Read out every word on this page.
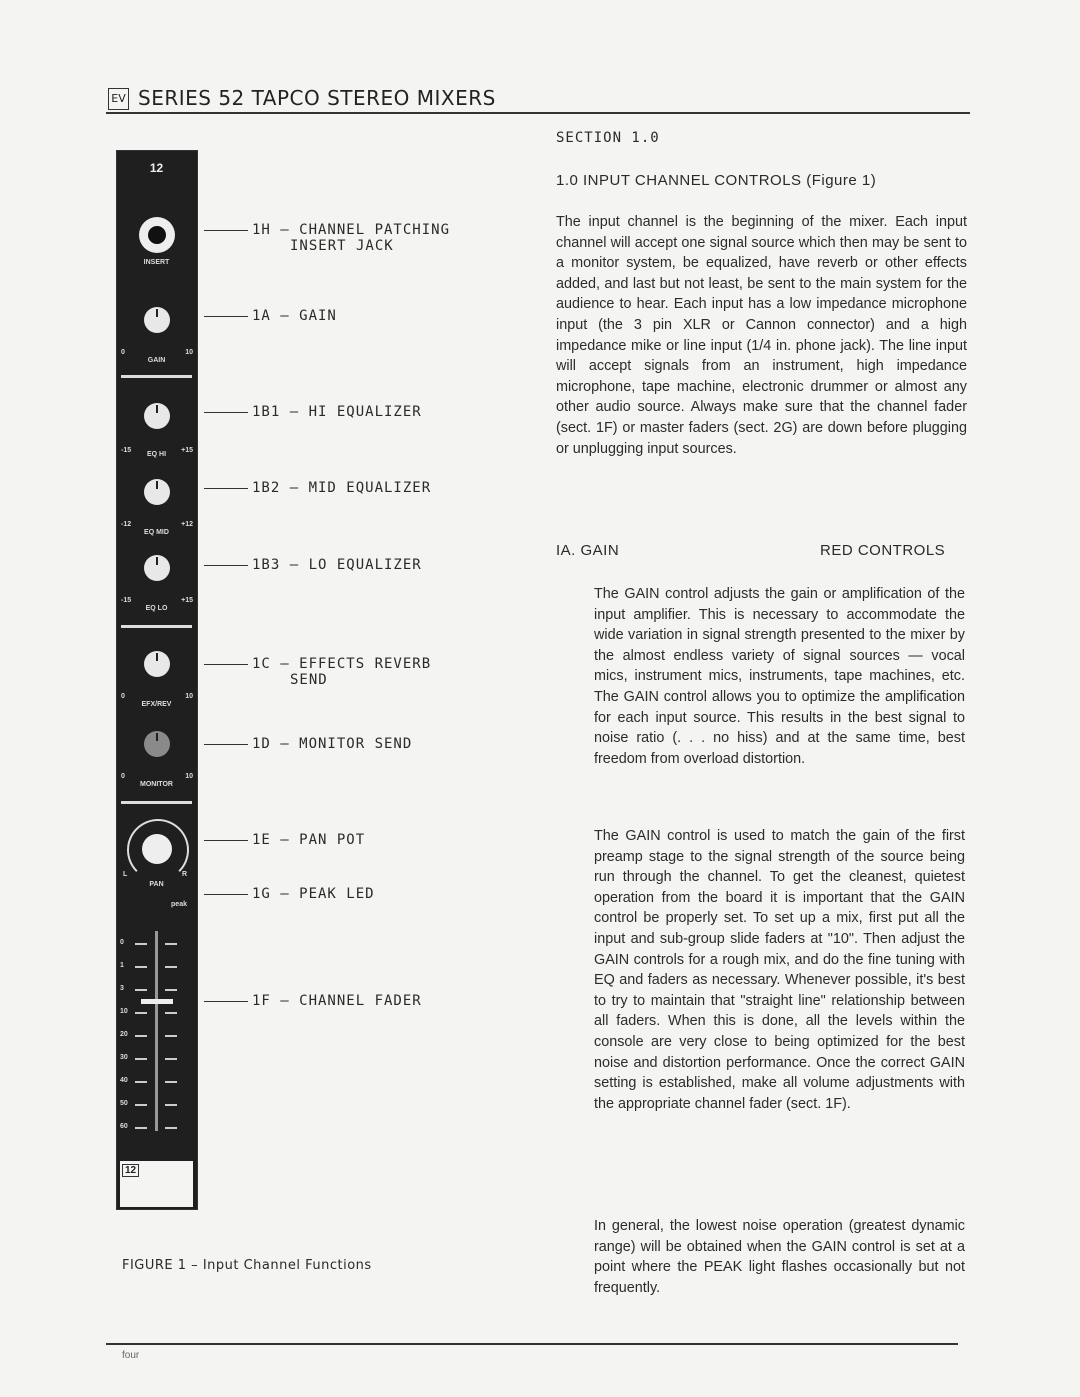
EV SERIES 52 TAPCO STEREO MIXERS
12
INSERT
0	10
GAIN
-15	+15
EQ HI
-12	+12
EQ MID
-15	+15
EQ LO
0	10
EFX/REV
0	10
MONITOR
L	R
PAN
peak
0
1
3
10
20
30
40
50
60
12
1H – CHANNEL PATCHING
INSERT JACK
1A – GAIN
1B1 – HI EQUALIZER
1B2 – MID EQUALIZER
1B3 – LO EQUALIZER
1C – EFFECTS REVERB
SEND
1D – MONITOR SEND
1E – PAN POT
1G – PEAK LED
1F – CHANNEL FADER
FIGURE 1 – Input Channel Functions
SECTION 1.0
1.0 INPUT CHANNEL CONTROLS (Figure 1)

The input channel is the beginning of the mixer. Each input channel will accept one signal source which then may be sent to a monitor system, be equalized, have reverb or other effects added, and last but not least, be sent to the main system for the audience to hear. Each input has a low impedance microphone input (the 3 pin XLR or Cannon connector) and a high impedance mike or line input (1/4 in. phone jack). The line input will accept signals from an instrument, high impedance microphone, tape machine, electronic drummer or almost any other audio source. Always make sure that the channel fader (sect. 1F) or master faders (sect. 2G) are down before plugging or unplugging input sources.

IA. GAIN	RED CONTROLS

The GAIN control adjusts the gain or amplification of the input amplifier. This is necessary to accommodate the wide variation in signal strength presented to the mixer by the almost endless variety of signal sources — vocal mics, instrument mics, instruments, tape machines, etc. The GAIN control allows you to optimize the amplification for each input source. This results in the best signal to noise ratio (. . . no hiss) and at the same time, best freedom from overload distortion.

The GAIN control is used to match the gain of the first preamp stage to the signal strength of the source being run through the channel. To get the cleanest, quietest operation from the board it is important that the GAIN control be properly set. To set up a mix, first put all the input and sub-group slide faders at "10". Then adjust the GAIN controls for a rough mix, and do the fine tuning with EQ and faders as necessary. Whenever possible, it's best to try to maintain that "straight line" relationship between all faders. When this is done, all the levels within the console are very close to being optimized for the best noise and distortion performance. Once the correct GAIN setting is established, make all volume adjustments with the appropriate channel fader (sect. 1F).

In general, the lowest noise operation (greatest dynamic range) will be obtained when the GAIN control is set at a point where the PEAK light flashes occasionally but not frequently.

four
